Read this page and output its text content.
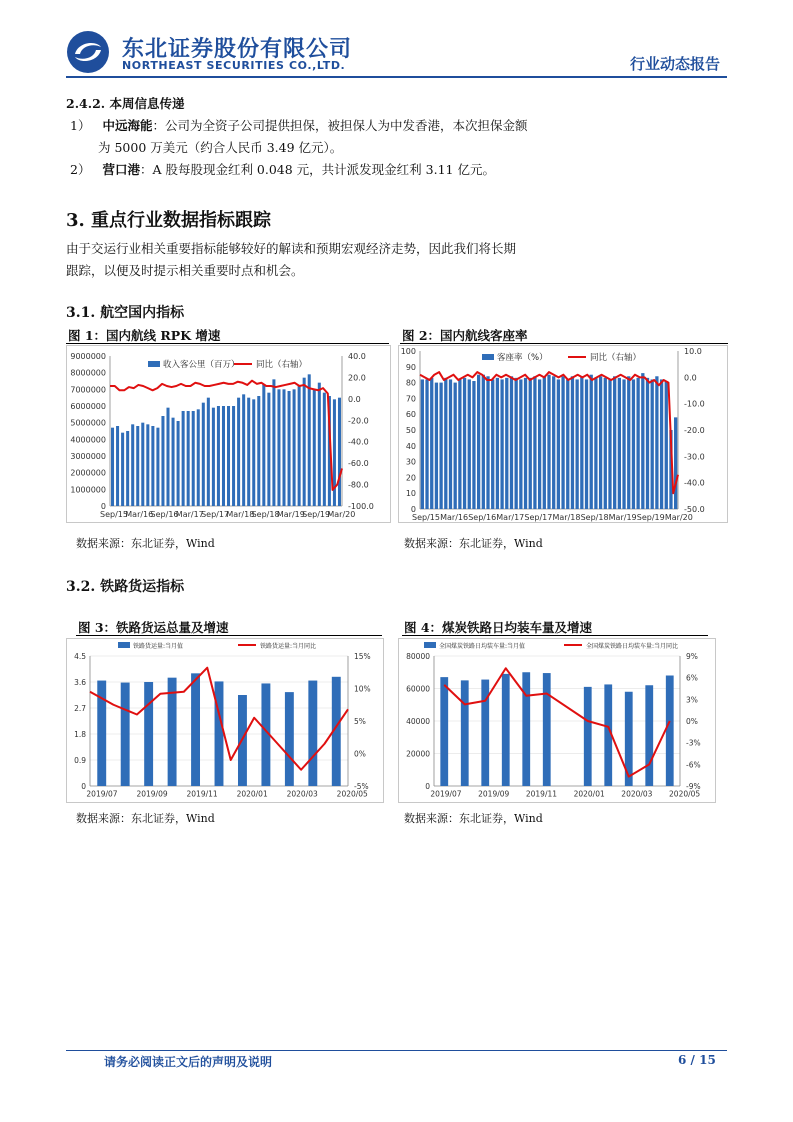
东北证券股份有限公司
NORTHEAST SECURITIES CO.,LTD.	行业动态报告
2.4.2. 本周信息传递
1） 中远海能：公司为全资子公司提供担保，被担保人为中发香港，本次担保金额
为 5000 万美元（约合人民币 3.49 亿元）。
2） 营口港：A 股每股现金红利 0.048 元，共计派发现金红利 3.11 亿元。
3. 重点行业数据指标跟踪
由于交运行业相关重要指标能够较好的解读和预期宏观经济走势，因此我们将长期
跟踪，以便及时提示相关重要时点和机会。
3.1. 航空国内指标
图 1：国内航线 RPK 增速	图 2：国内航线客座率
9000000
8000000
7000000
6000000
5000000
4000000
3000000
2000000
1000000
0
40.0
20.0
0.0
-20.0
-40.0
-60.0
-80.0
-100.0
Sep/15
Mar/16
Sep/16
Mar/17
Sep/17
Mar/18
Sep/18
Mar/19
Sep/19
Mar/20
收入客公里（百万） 同比（右轴）
100
90
80
70
60
50
40
30
20
10
0
10.0
0.0
-10.0
-20.0
-30.0
-40.0
-50.0
Sep/15 Mar/16 Sep/16 Mar/17 Sep/17 Mar/18 Sep/18 Mar/19 Sep/19 Mar/20
客座率（%）	同比（右轴）
数据来源：东北证券，Wind	数据来源：东北证券，Wind
3.2. 铁路货运指标
图 3：铁路货运总量及增速	图 4：煤炭铁路日均装车量及增速
4.5
3.6
2.7
1.8
0.9
0
15%
10%
5%
0%
-5%
2019/07	2019/09	2019/11	2020/01	2020/03	2020/05
铁路货运量:当月值	铁路货运量:当月同比
80000
60000
40000
20000
0
9%
6%
3%
0%
-3%
-6%
-9%
2019/07 2019/09 2019/11 2020/01 2020/03 2020/05
全国煤炭铁路日均装车量:当月值	全国煤炭铁路日均装车量:当月同比
数据来源：东北证券，Wind	数据来源：东北证券，Wind
请务必阅读正文后的声明及说明	6 / 15
